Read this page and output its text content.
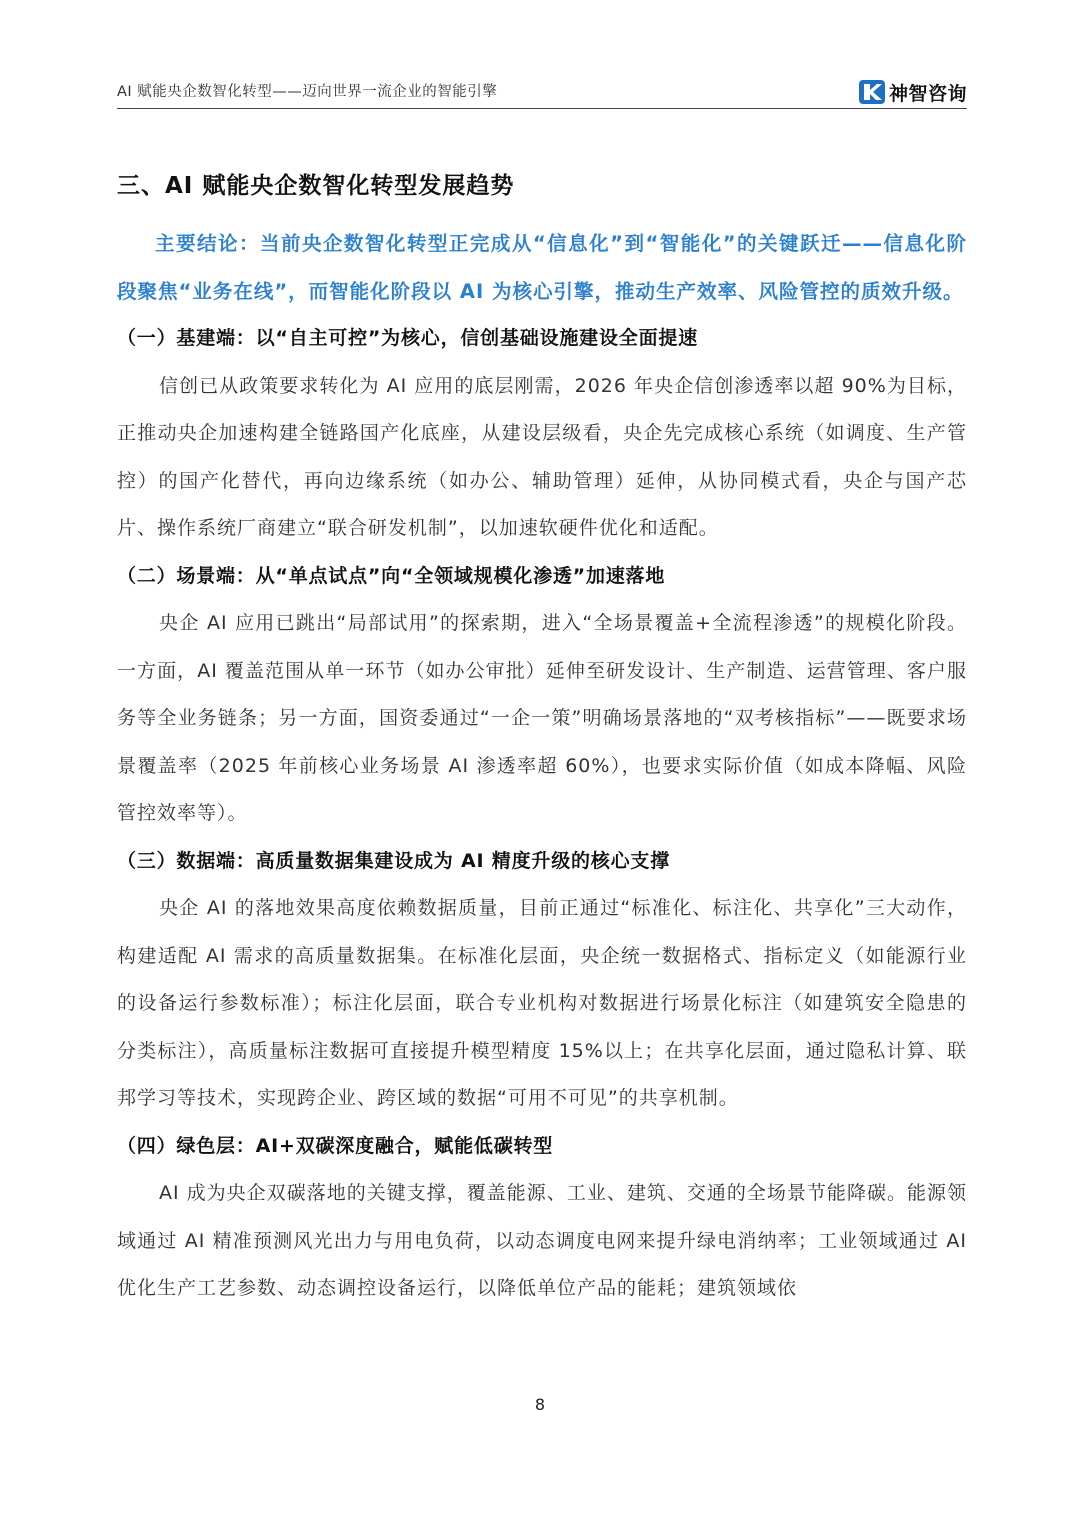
AI 赋能央企数智化转型——迈向世界一流企业的智能引擎	神智咨询
三、AI 赋能央企数智化转型发展趋势

主要结论：当前央企数智化转型正完成从“信息化”到“智能化”的关键跃迁——信息化阶段聚焦“业务在线”，而智能化阶段以 AI 为核心引擎，推动生产效率、风险管控的质效升级。

（一）基建端：以“自主可控”为核心，信创基础设施建设全面提速

信创已从政策要求转化为 AI 应用的底层刚需，2026 年央企信创渗透率以超 90%为目标，正推动央企加速构建全链路国产化底座，从建设层级看，央企先完成核心系统（如调度、生产管控）的国产化替代，再向边缘系统（如办公、辅助管理）延伸，从协同模式看，央企与国产芯片、操作系统厂商建立“联合研发机制”，以加速软硬件优化和适配。

（二）场景端：从“单点试点”向“全领域规模化渗透”加速落地

央企 AI 应用已跳出“局部试用”的探索期，进入“全场景覆盖+全流程渗透”的规模化阶段。一方面，AI 覆盖范围从单一环节（如办公审批）延伸至研发设计、生产制造、运营管理、客户服务等全业务链条；另一方面，国资委通过“一企一策”明确场景落地的“双考核指标”——既要求场景覆盖率（2025 年前核心业务场景 AI 渗透率超 60%），也要求实际价值（如成本降幅、风险管控效率等）。

（三）数据端：高质量数据集建设成为 AI 精度升级的核心支撑

央企 AI 的落地效果高度依赖数据质量，目前正通过“标准化、标注化、共享化”三大动作，构建适配 AI 需求的高质量数据集。在标准化层面，央企统一数据格式、指标定义（如能源行业的设备运行参数标准）；标注化层面，联合专业机构对数据进行场景化标注（如建筑安全隐患的分类标注），高质量标注数据可直接提升模型精度 15%以上；在共享化层面，通过隐私计算、联邦学习等技术，实现跨企业、跨区域的数据“可用不可见”的共享机制。

（四）绿色层：AI+双碳深度融合，赋能低碳转型

AI 成为央企双碳落地的关键支撑，覆盖能源、工业、建筑、交通的全场景节能降碳。能源领域通过 AI 精准预测风光出力与用电负荷，以动态调度电网来提升绿电消纳率；工业领域通过 AI 优化生产工艺参数、动态调控设备运行，以降低单位产品的能耗；建筑领域依

8
